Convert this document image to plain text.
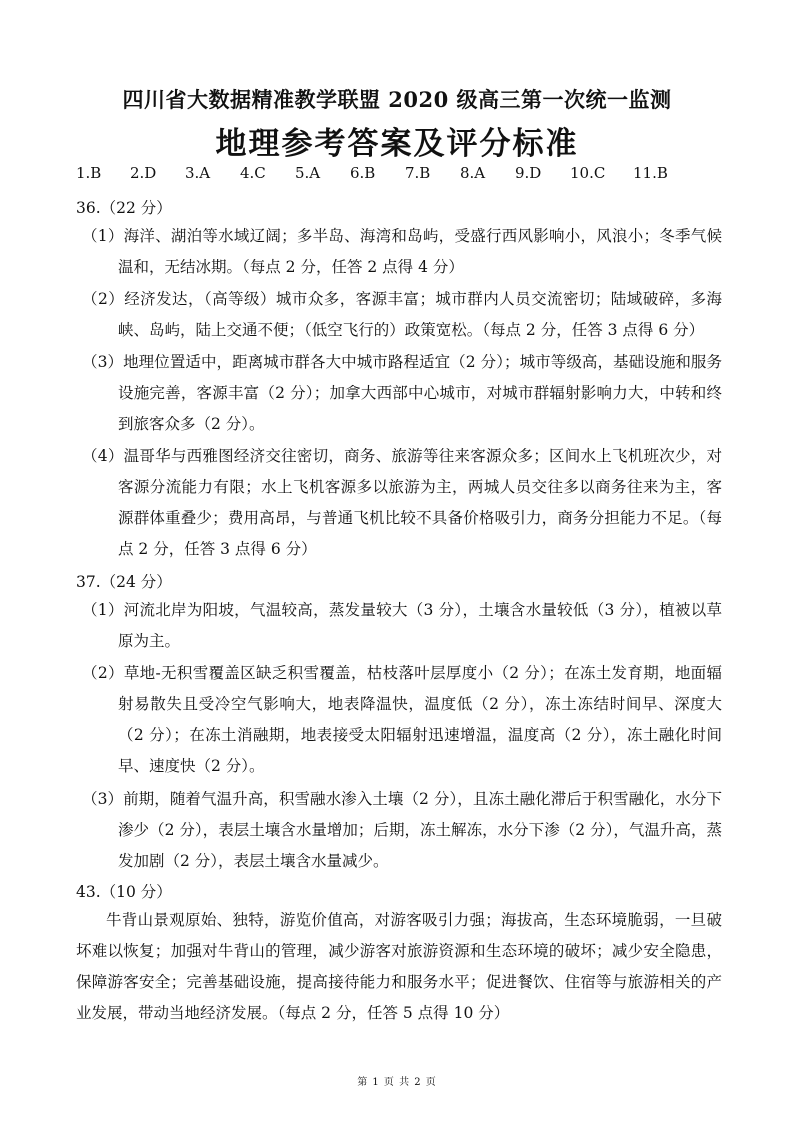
四川省大数据精准教学联盟 2020 级高三第一次统一监测
地理参考答案及评分标准
1.B 2.D 3.A 4.C 5.A 6.B 7.B 8.A 9.D 10.C 11.B
36.（22 分）
（1）海洋、湖泊等水域辽阔；多半岛、海湾和岛屿，受盛行西风影响小，风浪小；冬季气候温和，无结冰期。（每点 2 分，任答 2 点得 4 分）
（2）经济发达，（高等级）城市众多，客源丰富；城市群内人员交流密切；陆域破碎，多海峡、岛屿，陆上交通不便；（低空飞行的）政策宽松。（每点 2 分，任答 3 点得 6 分）
（3）地理位置适中，距离城市群各大中城市路程适宜（2 分）；城市等级高，基础设施和服务设施完善，客源丰富（2 分）；加拿大西部中心城市，对城市群辐射影响力大，中转和终到旅客众多（2 分）。
（4）温哥华与西雅图经济交往密切，商务、旅游等往来客源众多；区间水上飞机班次少，对客源分流能力有限；水上飞机客源多以旅游为主，两城人员交往多以商务往来为主，客源群体重叠少；费用高昂，与普通飞机比较不具备价格吸引力，商务分担能力不足。（每点 2 分，任答 3 点得 6 分）
37.（24 分）
（1）河流北岸为阳坡，气温较高，蒸发量较大（3 分），土壤含水量较低（3 分），植被以草原为主。
（2）草地-无积雪覆盖区缺乏积雪覆盖，枯枝落叶层厚度小（2 分）；在冻土发育期，地面辐射易散失且受冷空气影响大，地表降温快，温度低（2 分），冻土冻结时间早、深度大（2 分）；在冻土消融期，地表接受太阳辐射迅速增温，温度高（2 分），冻土融化时间早、速度快（2 分）。
（3）前期，随着气温升高，积雪融水渗入土壤（2 分），且冻土融化滞后于积雪融化，水分下渗少（2 分），表层土壤含水量增加；后期，冻土解冻，水分下渗（2 分），气温升高，蒸发加剧（2 分），表层土壤含水量减少。
43.（10 分）
牛背山景观原始、独特，游览价值高，对游客吸引力强；海拔高，生态环境脆弱，一旦破坏难以恢复；加强对牛背山的管理，减少游客对旅游资源和生态环境的破坏；减少安全隐患，保障游客安全；完善基础设施，提高接待能力和服务水平；促进餐饮、住宿等与旅游相关的产业发展，带动当地经济发展。（每点 2 分，任答 5 点得 10 分）
第 1 页 共 2 页
